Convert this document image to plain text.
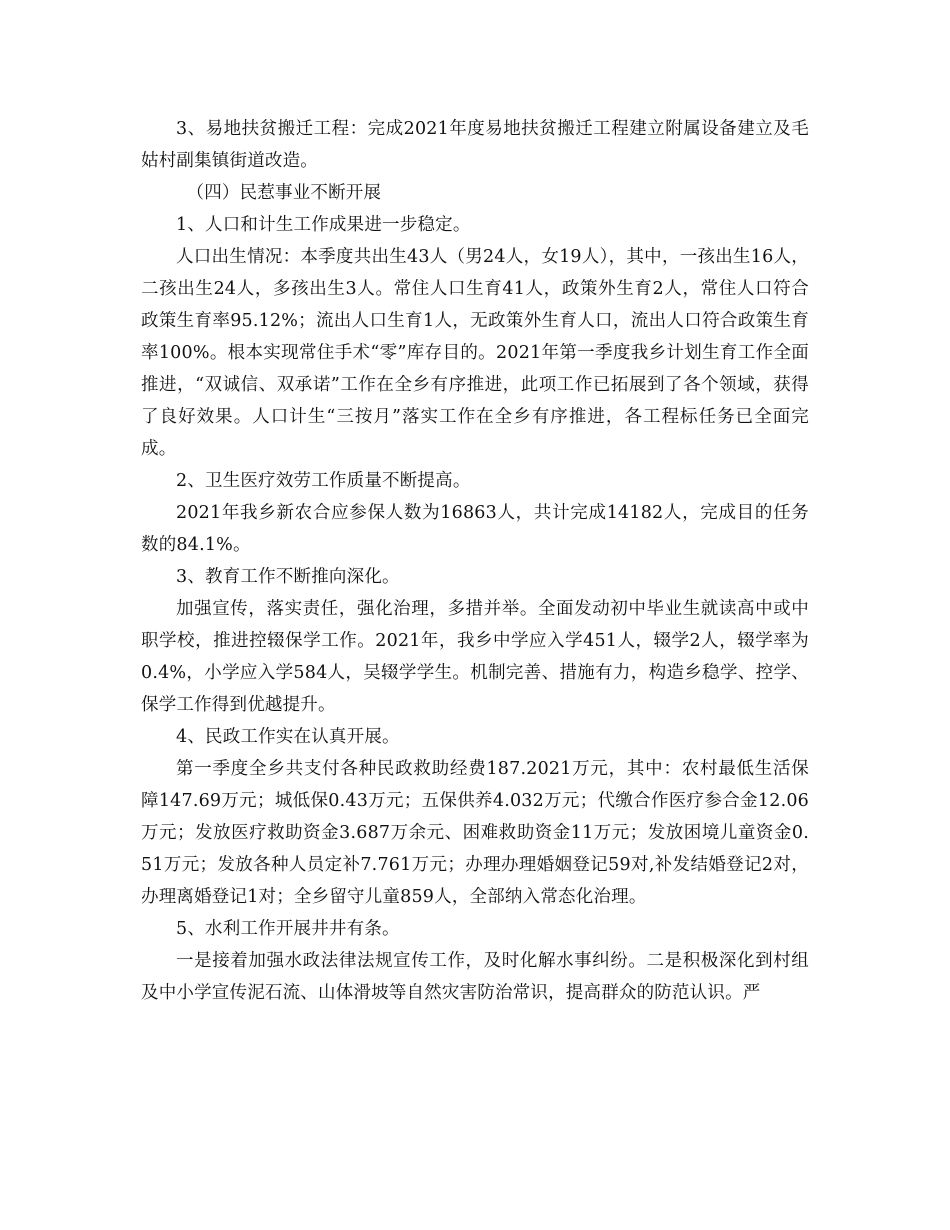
3、易地扶贫搬迁工程：完成2021年度易地扶贫搬迁工程建立附属设备建立及毛姑村副集镇街道改造。

（四）民惹事业不断开展

1、人口和计生工作成果进一步稳定。

人口出生情况：本季度共出生43人（男24人，女19人），其中，一孩出生16人，二孩出生24人，多孩出生3人。常住人口生育41人，政策外生育2人，常住人口符合政策生育率95.12%；流出人口生育1人，无政策外生育人口，流出人口符合政策生育率100%。根本实现常住手术“零”库存目的。2021年第一季度我乡计划生育工作全面推进，“双诚信、双承诺”工作在全乡有序推进，此项工作已拓展到了各个领域，获得了良好效果。人口计生“三按月”落实工作在全乡有序推进，各工程标任务已全面完成。

2、卫生医疗效劳工作质量不断提高。

2021年我乡新农合应参保人数为16863人，共计完成14182人，完成目的任务数的84.1%。

3、教育工作不断推向深化。

加强宣传，落实责任，强化治理，多措并举。全面发动初中毕业生就读高中或中职学校，推进控辍保学工作。2021年，我乡中学应入学451人，辍学2人，辍学率为0.4%，小学应入学584人，吴辍学学生。机制完善、措施有力，构造乡稳学、控学、保学工作得到优越提升。

4、民政工作实在认真开展。

第一季度全乡共支付各种民政救助经费187.2021万元，其中：农村最低生活保障147.69万元；城低保0.43万元；五保供养4.032万元；代缴合作医疗参合金12.06万元；发放医疗救助资金3.687万余元、困难救助资金11万元；发放困境儿童资金0.51万元；发放各种人员定补7.761万元；办理办理婚姻登记59对,补发结婚登记2对，办理离婚登记1对；全乡留守儿童859人，全部纳入常态化治理。

5、水利工作开展井井有条。

一是接着加强水政法律法规宣传工作，及时化解水事纠纷。二是积极深化到村组及中小学宣传泥石流、山体滑坡等自然灾害防治常识，提高群众的防范认识。严
